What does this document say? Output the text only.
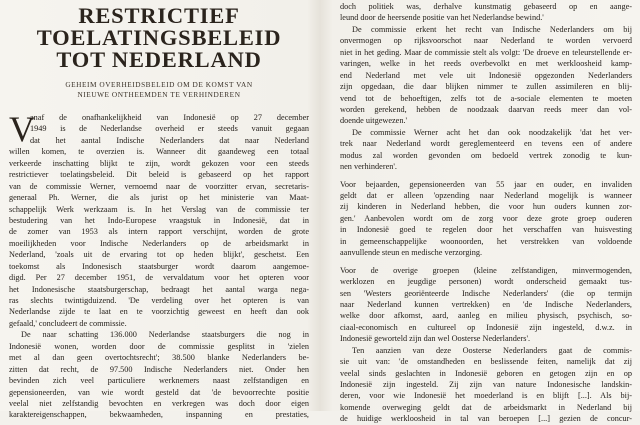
RESTRICTIEF
TOELATINGSBELEID
TOT NEDERLAND
GEHEIM OVERHEIDSBELEID OM DE KOMST VAN
NIEUWE ONTHEEMDEN TE VERHINDEREN
V
anaf de onafhankelijkheid van Indonesië op 27 december
1949 is de Nederlandse overheid er steeds vanuit gegaan
dat het aantal Indische Nederlanders dat naar Nederland
willen komen, te overzien is. Wanneer dit gaandeweg een totaal
verkeerde inschatting blijkt te zijn, wordt gekozen voor een steeds
restrictiever toelatingsbeleid. Dit beleid is gebaseerd op het rapport
van de commissie Werner, vernoemd naar de voorzitter ervan, secretaris-
generaal Ph. Werner, die als jurist op het ministerie van Maat-
schappelijk Werk werkzaam is. In het Verslag van de commissie ter
bestudering van het Indo-Europese vraagstuk in Indonesië, dat in
de zomer van 1953 als intern rapport verschijnt, worden de grote
moeilijkheden voor Indische Nederlanders op de arbeidsmarkt in
Nederland, 'zoals uit de ervaring tot op heden blijkt', geschetst. Een
toekomst als Indonesisch staatsburger wordt daarom aangemoe-
digd. Per 27 december 1951, de vervaldatum voor het opteren voor
het Indonesische staatsburgerschap, bedraagt het aantal warga nega-
ras slechts twintigduizend. 'De verdeling over het opteren is van
Nederlandse zijde te laat en te voorzichtig geweest en heeft dan ook
gefaald,' concludeert de commissie.
De naar schatting 136.000 Nederlandse staatsburgers die nog in
Indonesië wonen, worden door de commissie gesplitst in 'zielen
met al dan geen overtochtsrecht'; 38.500 blanke Nederlanders be-
zitten dat recht, de 97.500 Indische Nederlanders niet. Onder hen
bevinden zich veel particuliere werknemers naast zelfstandigen en
gepensioneerden, van wie wordt gesteld dat 'de bevoorrechte positie
veelal niet zelfstandig bevochten en verkregen was doch door eigen
karaktereigenschappen, bekwaamheden, inspanning en prestaties,
doch politiek was, derhalve kunstmatig gebaseerd op en aange-
leund door de heersende positie van het Nederlandse bewind.'
De commissie erkent het recht van Indische Nederlanders om bij
onvermogen op rijksvoorschot naar Nederland te worden vervoerd
niet in het geding. Maar de commissie stelt als volgt: 'De droeve en teleurstellende er-
varingen, welke in het reeds overbevolkt en met werkloosheid kamp-
end Nederland met vele uit Indonesië opgezonden Nederlanders
zijn opgedaan, die daar blijken nimmer te zullen assimileren en blij-
vend tot de behoeftigen, zelfs tot de a-sociale elementen te moeten
worden gerekend, hebben de noodzaak daarvan reeds meer dan vol-
doende uitgewezen.'
De commissie Werner acht het dan ook noodzakelijk 'dat het ver-
trek naar Nederland wordt gereglementeerd en tevens een of andere
modus zal worden gevonden om bedoeld vertrek zonodig te kun-
nen verhinderen'.
Voor bejaarden, gepensioneerden van 55 jaar en ouder, en invaliden
geldt dat er alleen 'opzending naar Nederland mogelijk is wanneer
zij kinderen in Nederland hebben, die voor hun ouders kunnen zor-
gen.' Aanbevolen wordt om de zorg voor deze grote groep ouderen
in Indonesië goed te regelen door het verschaffen van huisvesting
in gemeenschappelijke woonoorden, het verstrekken van voldoende
aanvullende steun en medische verzorging.
Voor de overige groepen (kleine zelfstandigen, minvermogenden,
werklozen en jeugdige personen) wordt onderscheid gemaakt tus-
sen 'Westers georiënteerde Indische Nederlanders' (die op termijn
naar Nederland kunnen vertrekken) en 'de Indische Nederlanders,
welke door afkomst, aard, aanleg en milieu physisch, psychisch, so-
ciaal-economisch en cultureel op Indonesië zijn ingesteld, d.w.z. in
Indonesië geworteld zijn dan wel Oosterse Nederlanders'.
Ten aanzien van deze Oosterse Nederlanders gaat de commis-
sie uit van: 'de omstandheden en beslissende feiten, namelijk dat zij
veelal sinds geslachten in Indonesië geboren en getogen zijn en op
Indonesië zijn ingesteld. Zij zijn van nature Indonesische landskin-
deren, voor wie Indonesië het moederland is en blijft [...]. Als bij-
komende overweging geldt dat de arbeidsmarkt in Nederland bij
de huidige werkloosheid in tal van beroepen [...] gezien de concur-
